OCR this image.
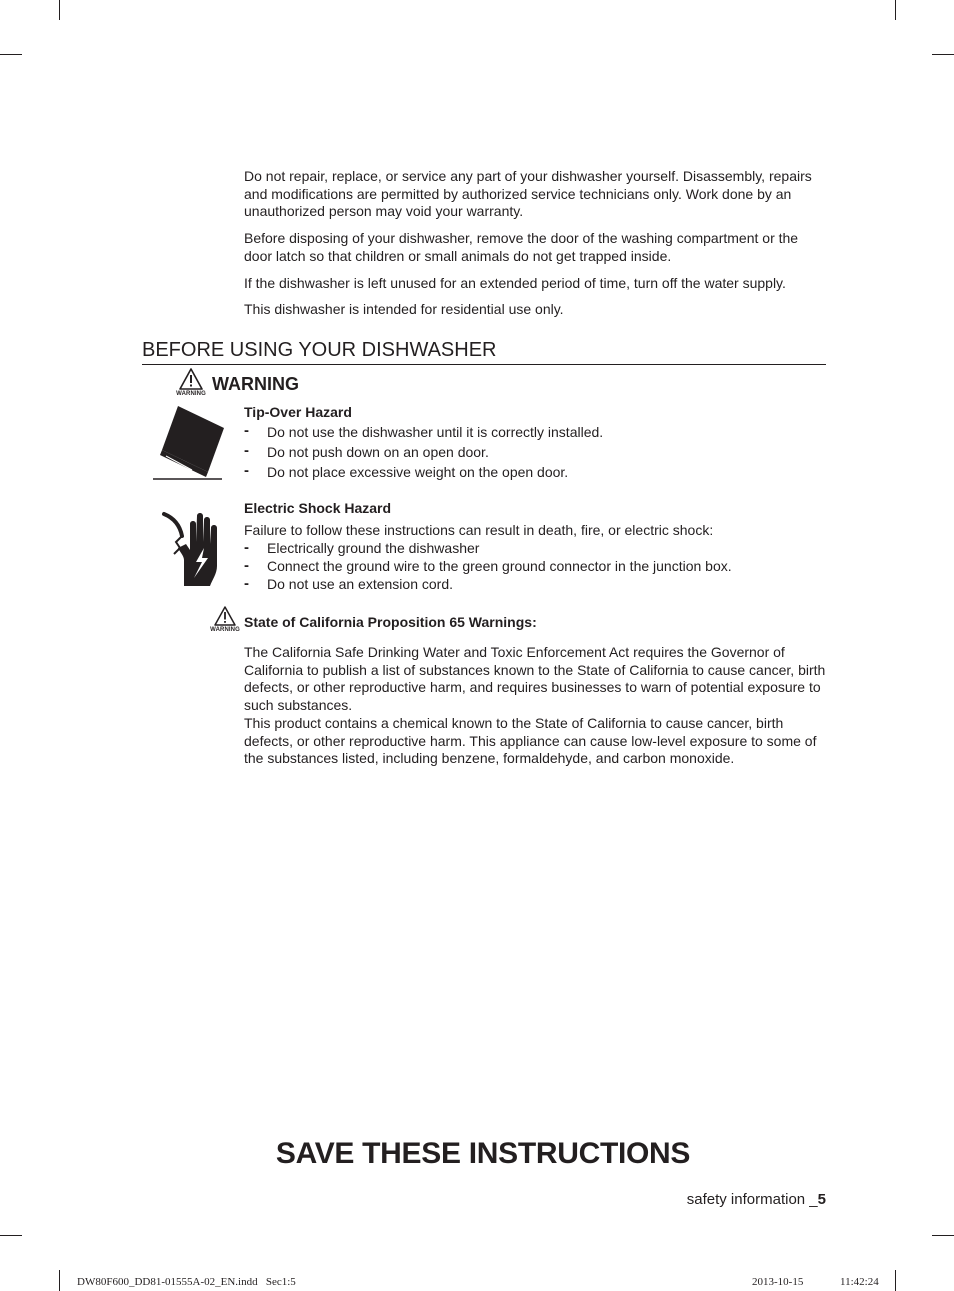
Do not repair, replace, or service any part of your dishwasher yourself. Disassembly, repairs and modifications are permitted by authorized service technicians only. Work done by an unauthorized person may void your warranty.

Before disposing of your dishwasher, remove the door of the washing compartment or the door latch so that children or small animals do not get trapped inside.

If the dishwasher is left unused for an extended period of time, turn off the water supply.

This dishwasher is intended for residential use only.

BEFORE USING YOUR DISHWASHER
WARNING WARNING
Tip-Over Hazard
- Do not use the dishwasher until it is correctly installed.
- Do not push down on an open door.
- Do not place excessive weight on the open door.
Electric Shock Hazard

Failure to follow these instructions can result in death, fire, or electric shock:

- Electrically ground the dishwasher
- Connect the ground wire to the green ground connector in the junction box.
- Do not use an extension cord.
WARNING State of California Proposition 65 Warnings:

The California Safe Drinking Water and Toxic Enforcement Act requires the Governor of California to publish a list of substances known to the State of California to cause cancer, birth defects, or other reproductive harm, and requires businesses to warn of potential exposure to such substances.

This product contains a chemical known to the State of California to cause cancer, birth defects, or other reproductive harm. This appliance can cause low-level exposure to some of the substances listed, including benzene, formaldehyde, and carbon monoxide.

SAVE THESE INSTRUCTIONS
safety information _5
DW80F600_DD81-01555A-02_EN.indd   Sec1:5	2013-10-15	11:42:24
